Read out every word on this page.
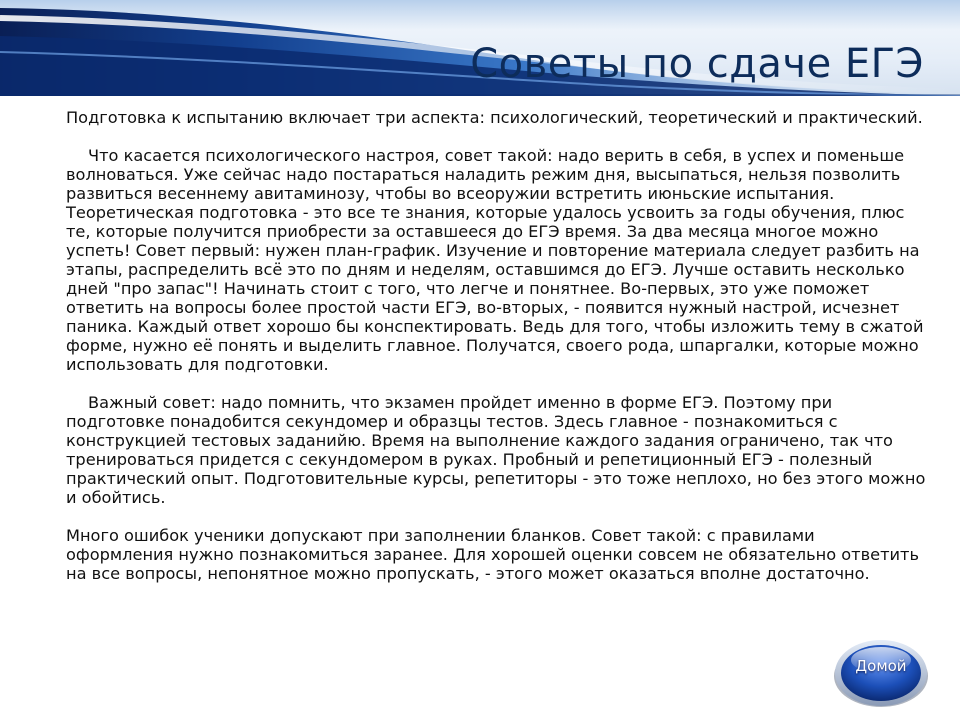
Советы по сдаче ЕГЭ

Подготовка к испытанию включает три аспекта: психологический, теоретический и практический.

Что касается психологического настроя, совет такой: надо верить в себя, в успех и поменьше волноваться. Уже сейчас надо постараться наладить режим дня, высыпаться, нельзя позволить развиться весеннему авитаминозу, чтобы во всеоружии встретить июньские испытания. Теоретическая подготовка - это все те знания, которые удалось усвоить за годы обучения, плюс те, которые получится приобрести за оставшееся до ЕГЭ время. За два месяца многое можно успеть! Совет первый: нужен план-график. Изучение и повторение материала следует разбить на этапы, распределить всё это по дням и неделям, оставшимся до ЕГЭ. Лучше оставить несколько дней "про запас"! Начинать стоит с того, что легче и понятнее. Во-первых, это уже поможет ответить на вопросы более простой части ЕГЭ, во-вторых, - появится нужный настрой, исчезнет паника. Каждый ответ хорошо бы конспектировать. Ведь для того, чтобы изложить тему в сжатой форме, нужно её понять и выделить главное. Получатся, своего рода, шпаргалки, которые можно использовать для подготовки.

Важный совет: надо помнить, что экзамен пройдет именно в форме ЕГЭ. Поэтому при подготовке понадобится секундомер и образцы тестов. Здесь главное - познакомиться с конструкцией тестовых заданийю. Время на выполнение каждого задания ограничено, так что тренироваться придется с секундомером в руках. Пробный и репетиционный ЕГЭ - полезный практический опыт. Подготовительные курсы, репетиторы - это тоже неплохо, но без этого можно и обойтись.

Много ошибок ученики допускают при заполнении бланков. Совет такой: с правилами оформления нужно познакомиться заранее. Для хорошей оценки совсем не обязательно ответить на все вопросы, непонятное можно пропускать, - этого может оказаться вполне достаточно.

Домой
